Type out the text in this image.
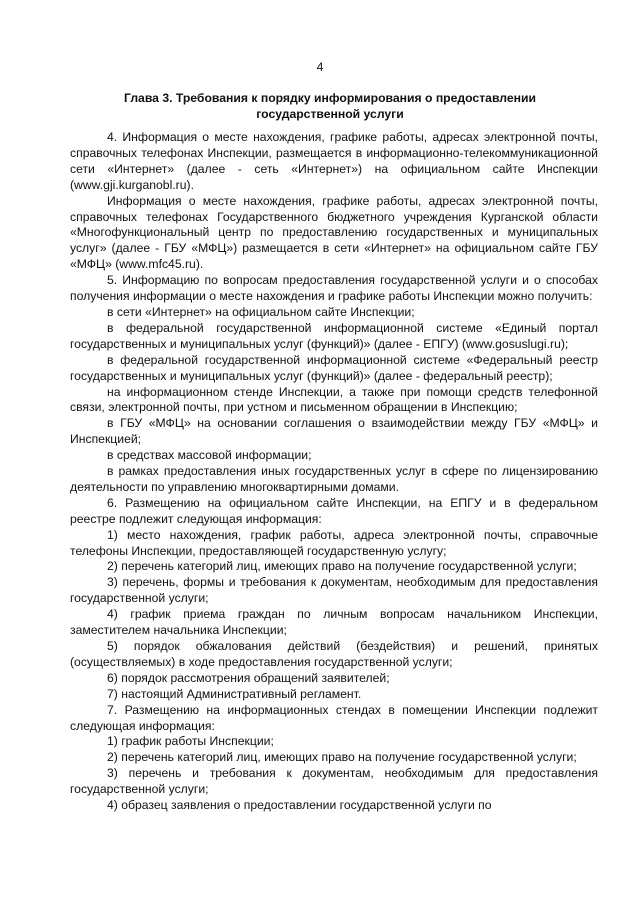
4
Глава 3. Требования к порядку информирования о предоставлении государственной услуги

4. Информация о месте нахождения, графике работы, адресах электронной почты, справочных телефонах Инспекции, размещается в информационно-телекоммуникационной сети «Интернет» (далее - сеть «Интернет») на официальном сайте Инспекции (www.gji.kurganobl.ru).

Информация о месте нахождения, графике работы, адресах электронной почты, справочных телефонах Государственного бюджетного учреждения Курганской области «Многофункциональный центр по предоставлению государственных и муниципальных услуг» (далее - ГБУ «МФЦ») размещается в сети «Интернет» на официальном сайте ГБУ «МФЦ» (www.mfc45.ru).

5. Информацию по вопросам предоставления государственной услуги и о способах получения информации о месте нахождения и графике работы Инспекции можно получить:

в сети «Интернет» на официальном сайте Инспекции;

в федеральной государственной информационной системе «Единый портал государственных и муниципальных услуг (функций)» (далее - ЕПГУ) (www.gosuslugi.ru);

в федеральной государственной информационной системе «Федеральный реестр государственных и муниципальных услуг (функций)» (далее - федеральный реестр);

на информационном стенде Инспекции, а также при помощи средств телефонной связи, электронной почты, при устном и письменном обращении в Инспекцию;

в ГБУ «МФЦ» на основании соглашения о взаимодействии между ГБУ «МФЦ» и Инспекцией;

в средствах массовой информации;

в рамках предоставления иных государственных услуг в сфере по лицензированию деятельности по управлению многоквартирными домами.

6. Размещению на официальном сайте Инспекции, на ЕПГУ и в федеральном реестре подлежит следующая информация:

1) место нахождения, график работы, адреса электронной почты, справочные телефоны Инспекции, предоставляющей государственную услугу;

2) перечень категорий лиц, имеющих право на получение государственной услуги;

3) перечень, формы и требования к документам, необходимым для предоставления государственной услуги;

4) график приема граждан по личным вопросам начальником Инспекции, заместителем начальника Инспекции;

5) порядок обжалования действий (бездействия) и решений, принятых (осуществляемых) в ходе предоставления государственной услуги;

6) порядок рассмотрения обращений заявителей;

7) настоящий Административный регламент.

7. Размещению на информационных стендах в помещении Инспекции подлежит следующая информация:

1) график работы Инспекции;

2) перечень категорий лиц, имеющих право на получение государственной услуги;

3) перечень и требования к документам, необходимым для предоставления государственной услуги;

4) образец заявления о предоставлении государственной услуги по
